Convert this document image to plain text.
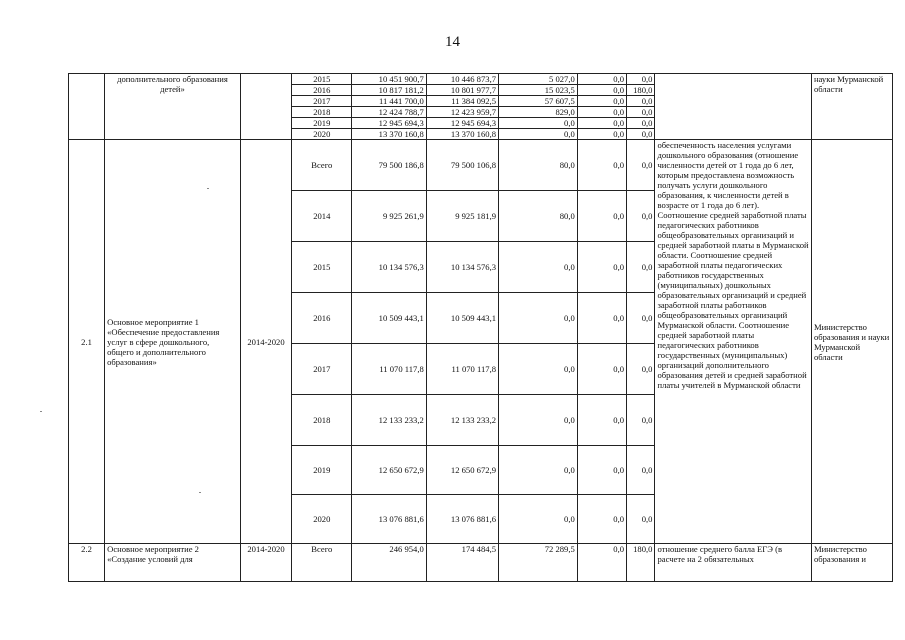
14
	дополнительного образования детей»		2015	10 451 900,7	10 446 873,7	5 027,0	0,0	0,0		науки Мурманской области
			2016	10 817 181,2	10 801 977,7	15 023,5	0,0	180,0		
			2017	11 441 700,0	11 384 092,5	57 607,5	0,0	0,0		
			2018	12 424 788,7	12 423 959,7	829,0	0,0	0,0		
			2019	12 945 694,3	12 945 694,3	0,0	0,0	0,0		
			2020	13 370 160,8	13 370 160,8	0,0	0,0	0,0		
2.1	Основное мероприятие 1 «Обеспечение предоставления услуг в сфере дошкольного, общего и дополнительного образования»	2014-2020	Всего	79 500 186,8	79 500 106,8	80,0	0,0	0,0	обеспеченность населения услугами дошкольного образования (отношение численности детей от 1 года до 6 лет, которым предоставлена возможность получать услуги дошкольного образования, к численности детей в возрасте от 1 года до 6 лет). Соотношение средней заработной платы педагогических работников общеобразовательных организаций и средней заработной платы в Мурманской области. Соотношение средней заработной платы педагогических работников государственных (муниципальных) дошкольных образовательных организаций и средней заработной платы работников общеобразовательных организаций Мурманской области. Соотношение средней заработной платы педагогических работников государственных (муниципальных) организаций дополнительного образования детей и средней заработной платы учителей в Мурманской области	Министерство образования и науки Мурманской области
			2014	9 925 261,9	9 925 181,9	80,0	0,0	0,0		
			2015	10 134 576,3	10 134 576,3	0,0	0,0	0,0		
			2016	10 509 443,1	10 509 443,1	0,0	0,0	0,0		
			2017	11 070 117,8	11 070 117,8	0,0	0,0	0,0		
			2018	12 133 233,2	12 133 233,2	0,0	0,0	0,0		
			2019	12 650 672,9	12 650 672,9	0,0	0,0	0,0		
			2020	13 076 881,6	13 076 881,6	0,0	0,0	0,0		
2.2	Основное мероприятие 2 «Создание условий для	2014-2020	Всего	246 954,0	174 484,5	72 289,5	0,0	180,0	отношение среднего балла ЕГЭ (в расчете на 2 обязательных	Министерство образования и
